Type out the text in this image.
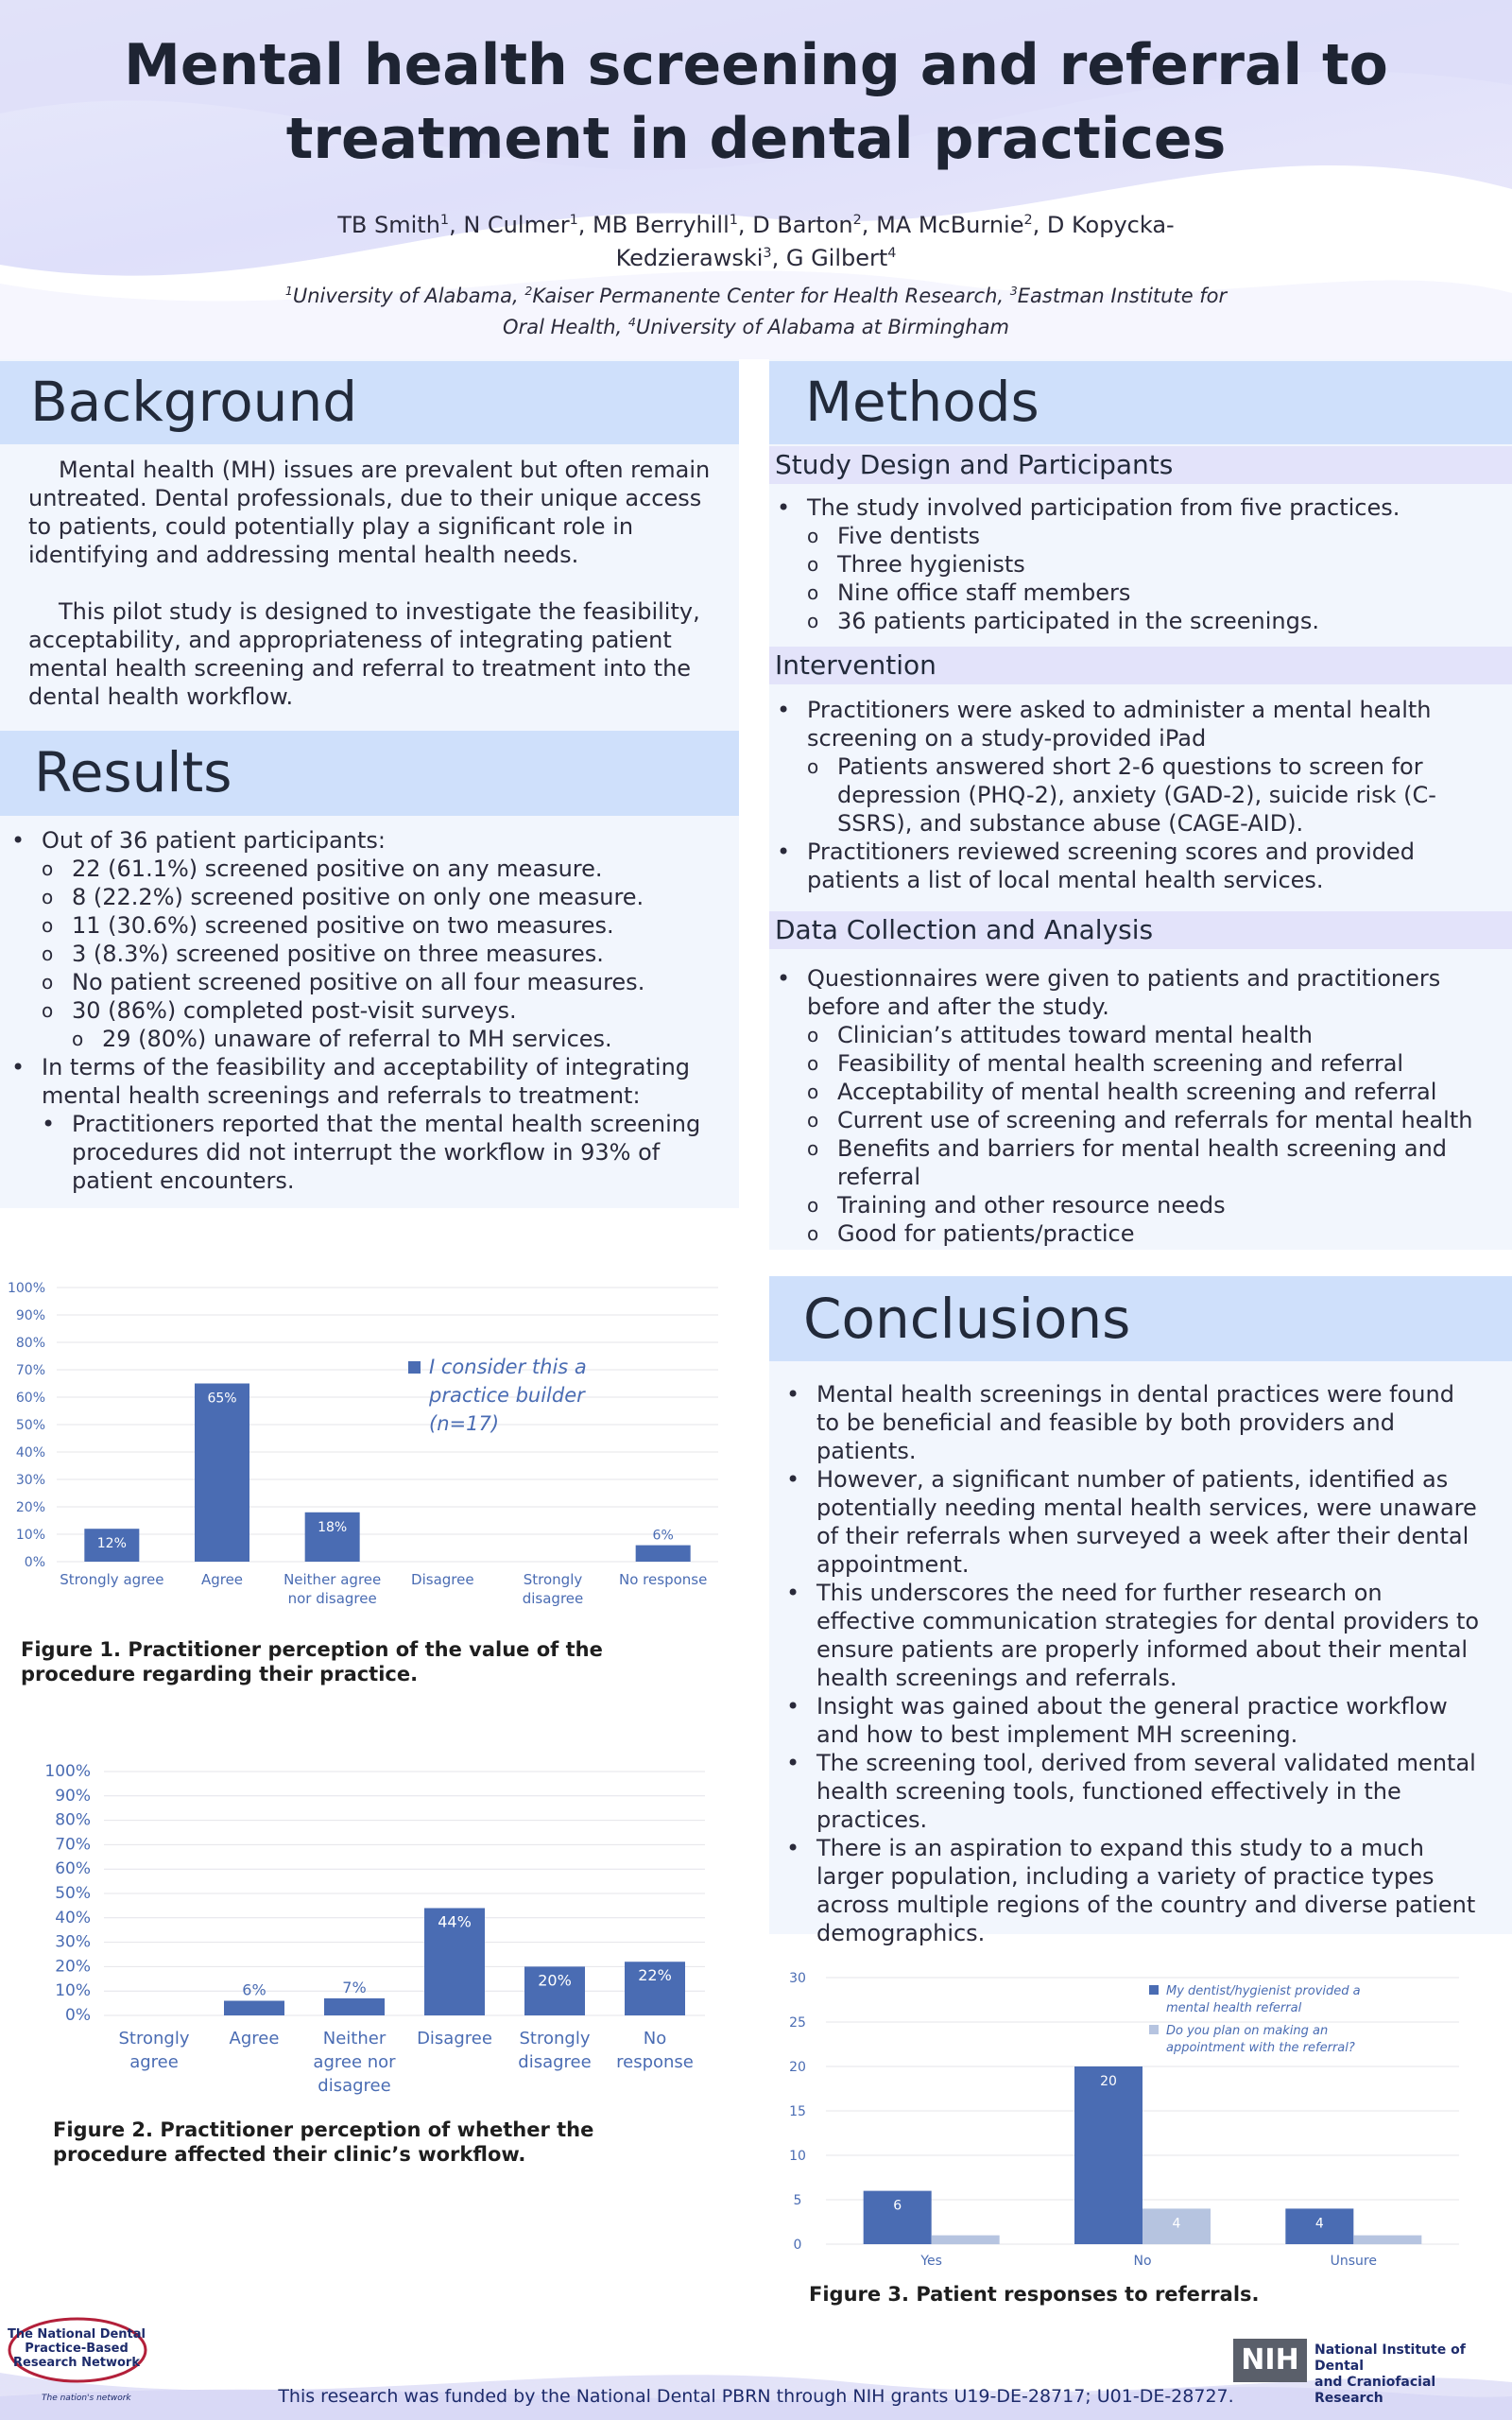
Mental health screening and referral to
treatment in dental practices
TB Smith$^1$, N Culmer$^1$, MB Berryhill$^1$, D Barton$^2$, MA McBurnie$^2$, D Kopycka-Kedzierawski$^3$, G Gilbert$^4$
$^1$University of Alabama, $^2$Kaiser Permanente Center for Health Research, $^3$Eastman Institute for Oral Health, $^4$University of Alabama at Birmingham
Background

Mental health (MH) issues are prevalent but often remain untreated. Dental professionals, due to their unique access to patients, could potentially play a significant role in identifying and addressing mental health needs.

This pilot study is designed to investigate the feasibility, acceptability, and appropriateness of integrating patient mental health screening and referral to treatment into the dental health workflow.

Results
• Out of 36 patient participants:
o 22 (61.1%) screened positive on any measure.
o 8 (22.2%) screened positive on only one measure.
o 11 (30.6%) screened positive on two measures.
o 3 (8.3%) screened positive on three measures.
o No patient screened positive on all four measures.
o 30 (86%) completed post-visit surveys.
o 29 (80%) unaware of referral to MH services.
• In terms of the feasibility and acceptability of integrating mental health screenings and referrals to treatment:
• Practitioners reported that the mental health screening procedures did not interrupt the workflow in 93% of patient encounters.
0%
10%
20%
30%
40%
50%
60%
70%
80%
90%
100%
12%
Strongly agree
65%
Agree
18%
Neither agree
nor disagree
Disagree	Strongly
disagree
6%
No response
I consider this a
practice builder
(n=17)
Figure 1. Practitioner perception of the value of the procedure regarding their practice.
0%
10%
20%
30%
40%
50%
60%
70%
80%
90%
100%
Strongly
agree
6%
Agree
7%
Neither
agree nor
disagree
44%
Disagree
20%
Strongly
disagree
22%
No
response
Figure 2. Practitioner perception of whether the procedure affected their clinic’s workflow.
Methods
Study Design and Participants
• The study involved participation from five practices.
o Five dentists
o Three hygienists
o Nine office staff members
o 36 patients participated in the screenings.
Intervention
• Practitioners were asked to administer a mental health screening on a study-provided iPad
o Patients answered short 2-6 questions to screen for depression (PHQ-2), anxiety (GAD-2), suicide risk (C-SSRS), and substance abuse (CAGE-AID).
• Practitioners reviewed screening scores and provided patients a list of local mental health services.
Data Collection and Analysis
• Questionnaires were given to patients and practitioners before and after the study.
o Clinician’s attitudes toward mental health
o Feasibility of mental health screening and referral
o Acceptability of mental health screening and referral
o Current use of screening and referrals for mental health
o Benefits and barriers for mental health screening and referral
o Training and other resource needs
o Good for patients/practice
Conclusions
• Mental health screenings in dental practices were found to be beneficial and feasible by both providers and patients.
• However, a significant number of patients, identified as potentially needing mental health services, were unaware of their referrals when surveyed a week after their dental appointment.
• This underscores the need for further research on effective communication strategies for dental providers to ensure patients are properly informed about their mental health screenings and referrals.
• Insight was gained about the general practice workflow and how to best implement MH screening.
• The screening tool, derived from several validated mental health screening tools, functioned effectively in the practices.
• There is an aspiration to expand this study to a much larger population, including a variety of practice types across multiple regions of the country and diverse patient demographics.
0
5
10
15
20
25
30
6
1
Yes
20
4
No
4	1
Unsure
My dentist/hygienist provided a
mental health referral
Do you plan on making an
appointment with the referral?
Figure 3. Patient responses to referrals.
The National Dental
Practice-Based
Research Network
The nation's network
NIH	National Institute of Dental
and Craniofacial Research
This research was funded by the National Dental PBRN through NIH grants U19-DE-28717; U01-DE-28727.
